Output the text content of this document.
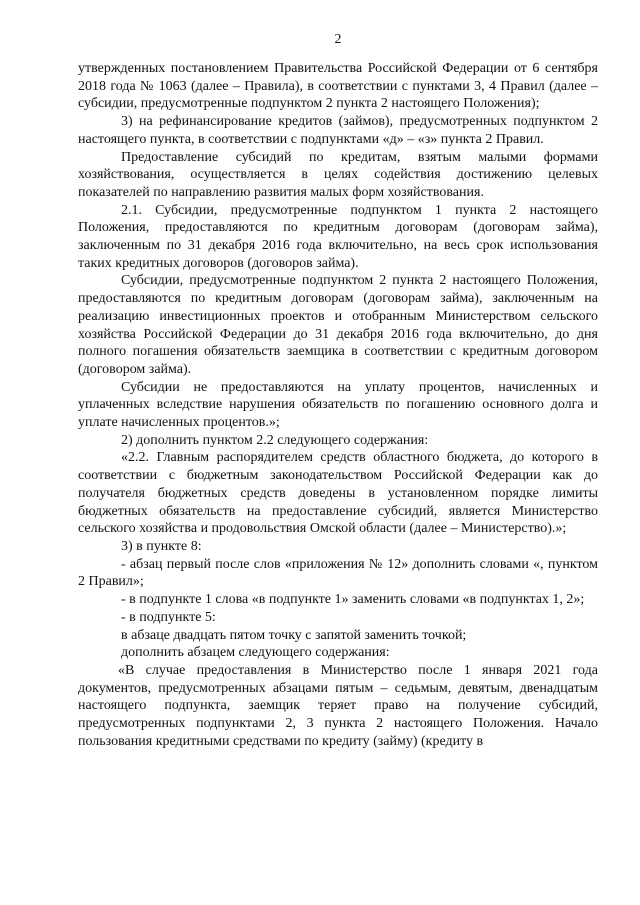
2

утвержденных постановлением Правительства Российской Федерации от 6 сентября 2018 года № 1063 (далее – Правила), в соответствии с пунктами 3, 4 Правил (далее – субсидии, предусмотренные подпунктом 2 пункта 2 настоящего Положения);

3) на рефинансирование кредитов (займов), предусмотренных подпунктом 2 настоящего пункта, в соответствии с подпунктами «д» – «з» пункта 2 Правил.

Предоставление субсидий по кредитам, взятым малыми формами хозяйствования, осуществляется в целях содействия достижению целевых показателей по направлению развития малых форм хозяйствования.

2.1. Субсидии, предусмотренные подпунктом 1 пункта 2 настоящего Положения, предоставляются по кредитным договорам (договорам займа), заключенным по 31 декабря 2016 года включительно, на весь срок использования таких кредитных договоров (договоров займа).

Субсидии, предусмотренные подпунктом 2 пункта 2 настоящего Положения, предоставляются по кредитным договорам (договорам займа), заключенным на реализацию инвестиционных проектов и отобранным Министерством сельского хозяйства Российской Федерации до 31 декабря 2016 года включительно, до дня полного погашения обязательств заемщика в соответствии с кредитным договором (договором займа).

Субсидии не предоставляются на уплату процентов, начисленных и уплаченных вследствие нарушения обязательств по погашению основного долга и уплате начисленных процентов.»;

2) дополнить пунктом 2.2 следующего содержания:

«2.2. Главным распорядителем средств областного бюджета, до которого в соответствии с бюджетным законодательством Российской Федерации как до получателя бюджетных средств доведены в установленном порядке лимиты бюджетных обязательств на предоставление субсидий, является Министерство сельского хозяйства и продовольствия Омской области (далее – Министерство).»;

3) в пункте 8:

- абзац первый после слов «приложения № 12» дополнить словами «, пунктом 2 Правил»;

- в подпункте 1 слова «в подпункте 1» заменить словами «в подпунктах 1, 2»;

- в подпункте 5:

в абзаце двадцать пятом точку с запятой заменить точкой;

дополнить абзацем следующего содержания:

«В случае предоставления в Министерство после 1 января 2021 года документов, предусмотренных абзацами пятым – седьмым, девятым, двенадцатым настоящего подпункта, заемщик теряет право на получение субсидий, предусмотренных подпунктами 2, 3 пункта 2 настоящего Положения. Начало пользования кредитными средствами по кредиту (займу) (кредиту в
